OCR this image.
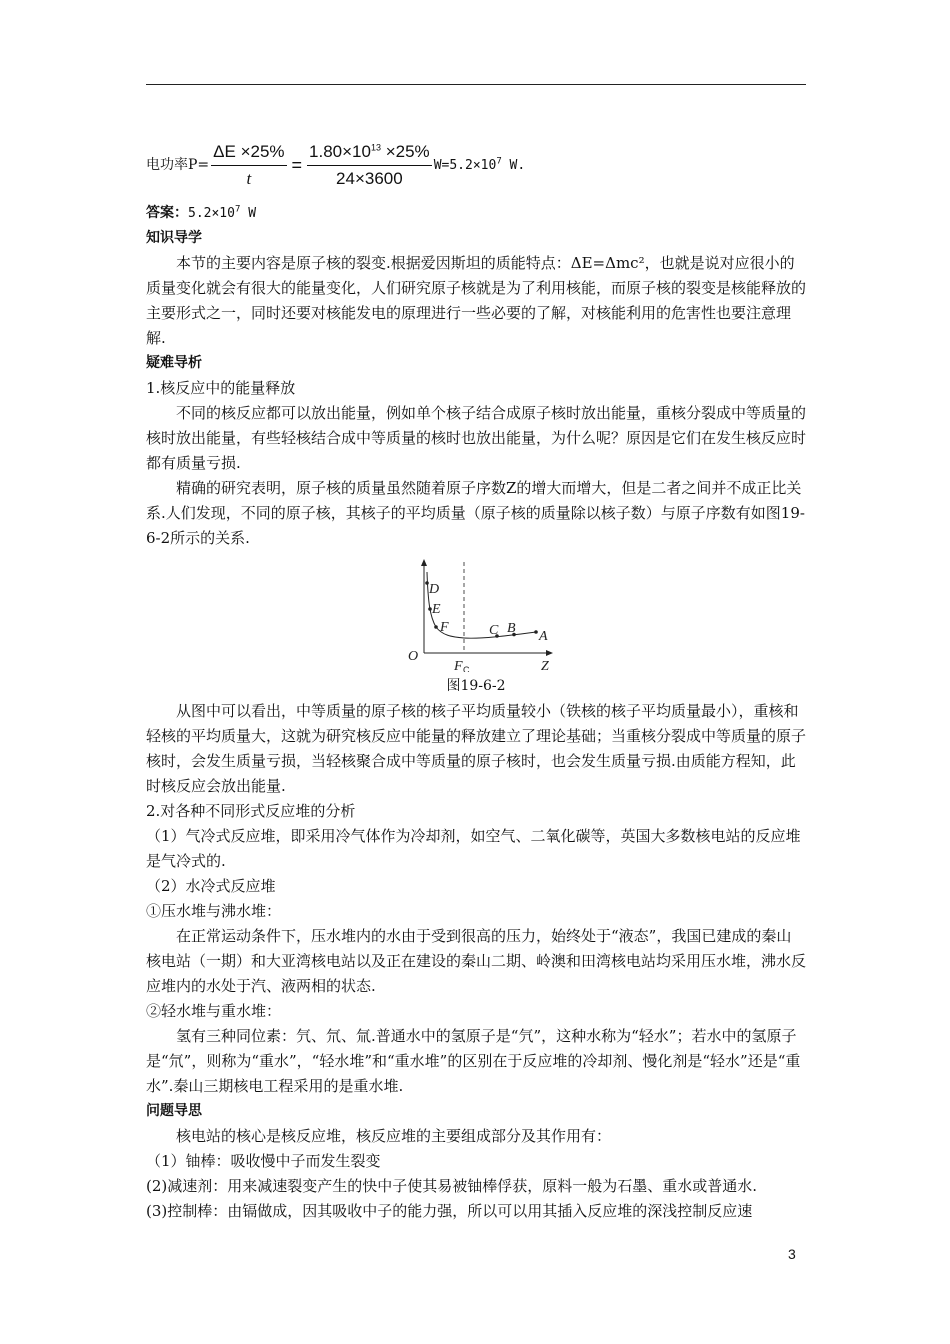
电功率$P= \frac{\Delta E \times 25\%}{t} = \frac{1.80\times 10^{13} \times 25\%}{24\times 3600} W=5.2\times 10^7$ W.

答案：$5.2\times 10^7$ W

知识导学

本节的主要内容是原子核的裂变.根据爱因斯坦的质能特点：ΔE=Δmc²，也就是说对应很小的质量变化就会有很大的能量变化，人们研究原子核就是为了利用核能，而原子核的裂变是核能释放的主要形式之一，同时还要对核能发电的原理进行一些必要的了解，对核能利用的危害性也要注意理解.

疑难导析

1.核反应中的能量释放

不同的核反应都可以放出能量，例如单个核子结合成原子核时放出能量，重核分裂成中等质量的核时放出能量，有些轻核结合成中等质量的核时也放出能量，为什么呢？原因是它们在发生核反应时都有质量亏损.

精确的研究表明，原子核的质量虽然随着原子序数Z的增大而增大，但是二者之间并不成正比关系.人们发现，不同的原子核，其核子的平均质量（原子核的质量除以核子数）与原子序数有如图19-6-2所示的关系.

D
E
F	C B
A
O
F	Z
C
图19-6-2

从图中可以看出，中等质量的原子核的核子平均质量较小（铁核的核子平均质量最小），重核和轻核的平均质量大，这就为研究核反应中能量的释放建立了理论基础；当重核分裂成中等质量的原子核时，会发生质量亏损，当轻核聚合成中等质量的原子核时，也会发生质量亏损.由质能方程知，此时核反应会放出能量.

2.对各种不同形式反应堆的分析

（1）气冷式反应堆，即采用冷气体作为冷却剂，如空气、二氧化碳等，英国大多数核电站的反应堆是气冷式的.

（2）水冷式反应堆

①压水堆与沸水堆：

在正常运动条件下，压水堆内的水由于受到很高的压力，始终处于“液态”，我国已建成的秦山核电站（一期）和大亚湾核电站以及正在建设的秦山二期、岭澳和田湾核电站均采用压水堆，沸水反应堆内的水处于汽、液两相的状态.

②轻水堆与重水堆：

氢有三种同位素：氕、氘、氚.普通水中的氢原子是“氕”，这种水称为“轻水”；若水中的氢原子是“氘”，则称为“重水”，“轻水堆”和“重水堆”的区别在于反应堆的冷却剂、慢化剂是“轻水”还是“重水”.秦山三期核电工程采用的是重水堆.

问题导思

核电站的核心是核反应堆，核反应堆的主要组成部分及其作用有：

（1）铀棒：吸收慢中子而发生裂变

(2)减速剂：用来减速裂变产生的快中子使其易被铀棒俘获，原料一般为石墨、重水或普通水.

(3)控制棒：由镉做成，因其吸收中子的能力强，所以可以用其插入反应堆的深浅控制反应速

3
